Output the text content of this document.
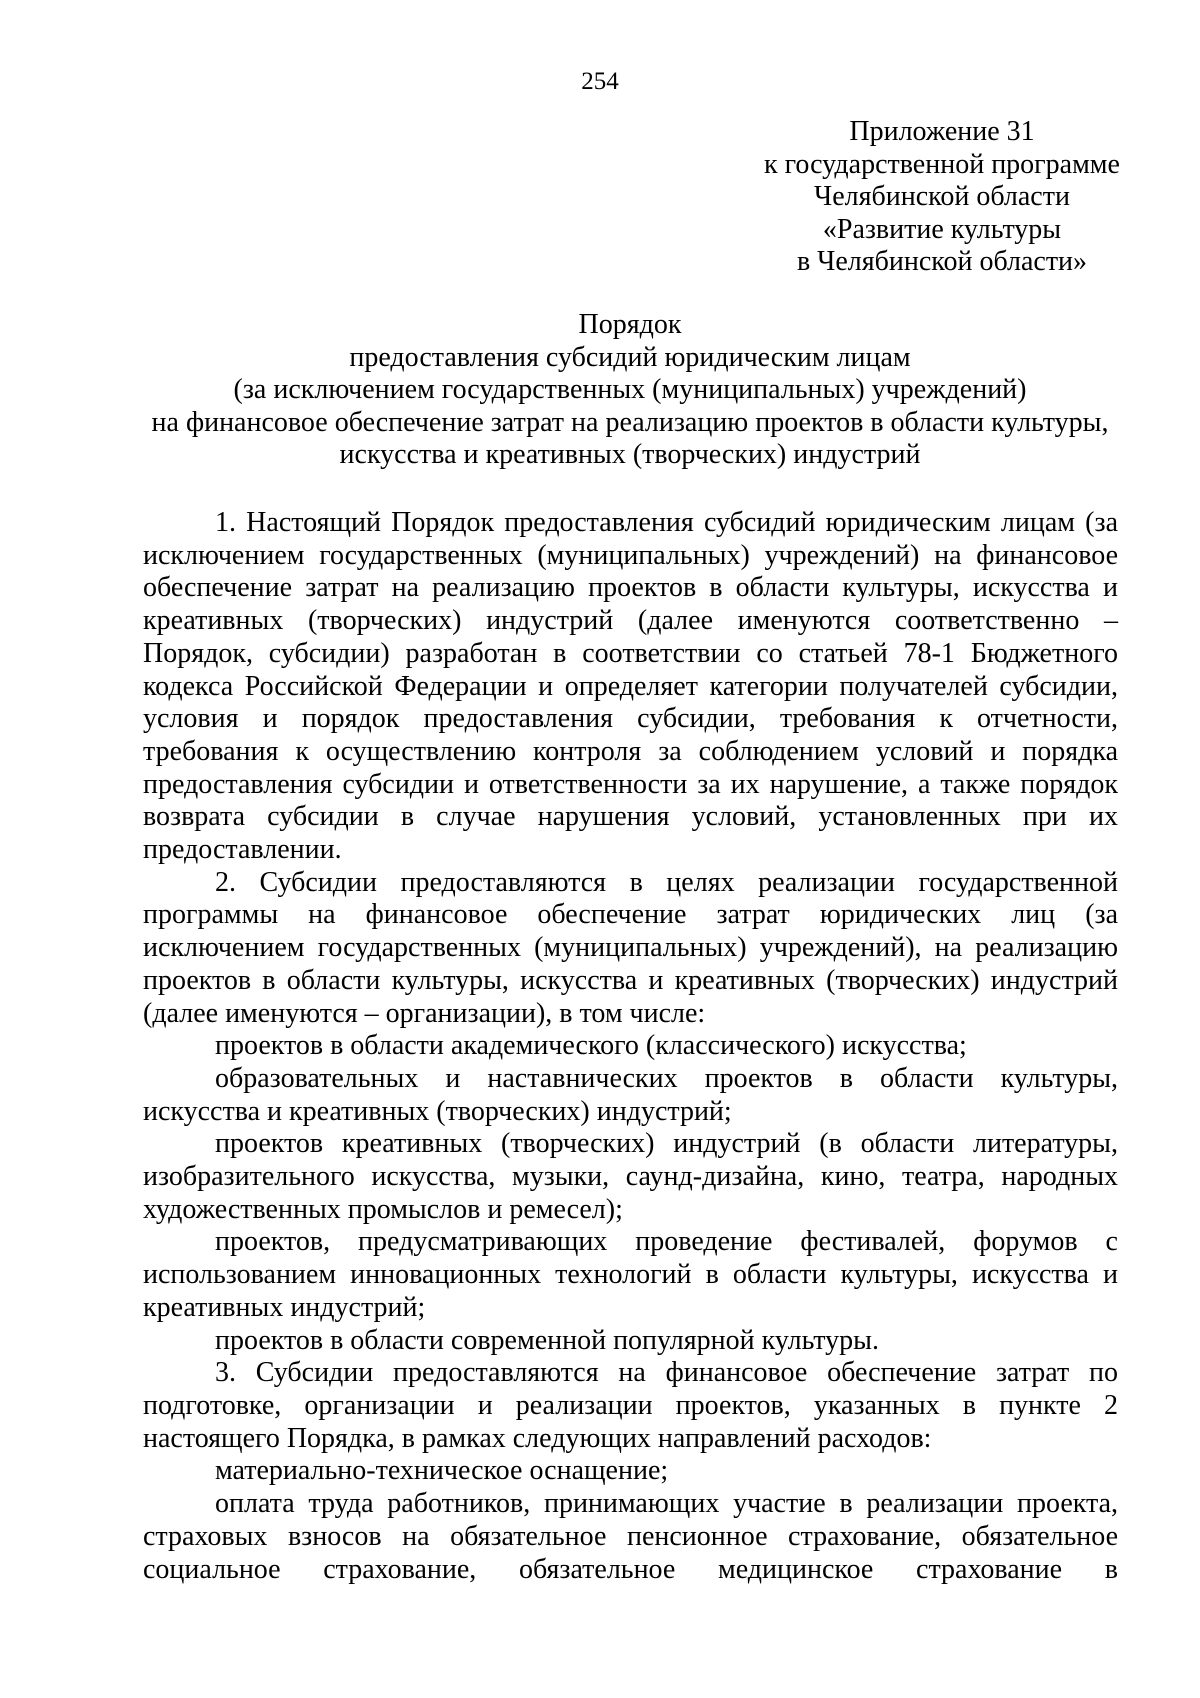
254
Приложение 31
к государственной программе
Челябинской области
«Развитие культуры
в Челябинской области»
Порядок
предоставления субсидий юридическим лицам
(за исключением государственных (муниципальных) учреждений)
на финансовое обеспечение затрат на реализацию проектов в области культуры,
искусства и креативных (творческих) индустрий

1. Настоящий Порядок предоставления субсидий юридическим лицам (за исключением государственных (муниципальных) учреждений) на финансовое обеспечение затрат на реализацию проектов в области культуры, искусства и креативных (творческих) индустрий (далее именуются соответственно – Порядок, субсидии) разработан в соответствии со статьей 78-1 Бюджетного кодекса Российской Федерации и определяет категории получателей субсидии, условия и порядок предоставления субсидии, требования к отчетности, требования к осуществлению контроля за соблюдением условий и порядка предоставления субсидии и ответственности за их нарушение, а также порядок возврата субсидии в случае нарушения условий, установленных при их предоставлении.

2. Субсидии предоставляются в целях реализации государственной программы на финансовое обеспечение затрат юридических лиц (за исключением государственных (муниципальных) учреждений), на реализацию проектов в области культуры, искусства и креативных (творческих) индустрий (далее именуются – организации), в том числе:

проектов в области академического (классического) искусства;

образовательных и наставнических проектов в области культуры, искусства и креативных (творческих) индустрий;

проектов креативных (творческих) индустрий (в области литературы, изобразительного искусства, музыки, саунд-дизайна, кино, театра, народных художественных промыслов и ремесел);

проектов, предусматривающих проведение фестивалей, форумов с использованием инновационных технологий в области культуры, искусства и креативных индустрий;

проектов в области современной популярной культуры.

3. Субсидии предоставляются на финансовое обеспечение затрат по подготовке, организации и реализации проектов, указанных в пункте 2 настоящего Порядка, в рамках следующих направлений расходов:

материально-техническое оснащение;

оплата труда работников, принимающих участие в реализации проекта, страховых взносов на обязательное пенсионное страхование, обязательное социальное страхование, обязательное медицинское страхование в
